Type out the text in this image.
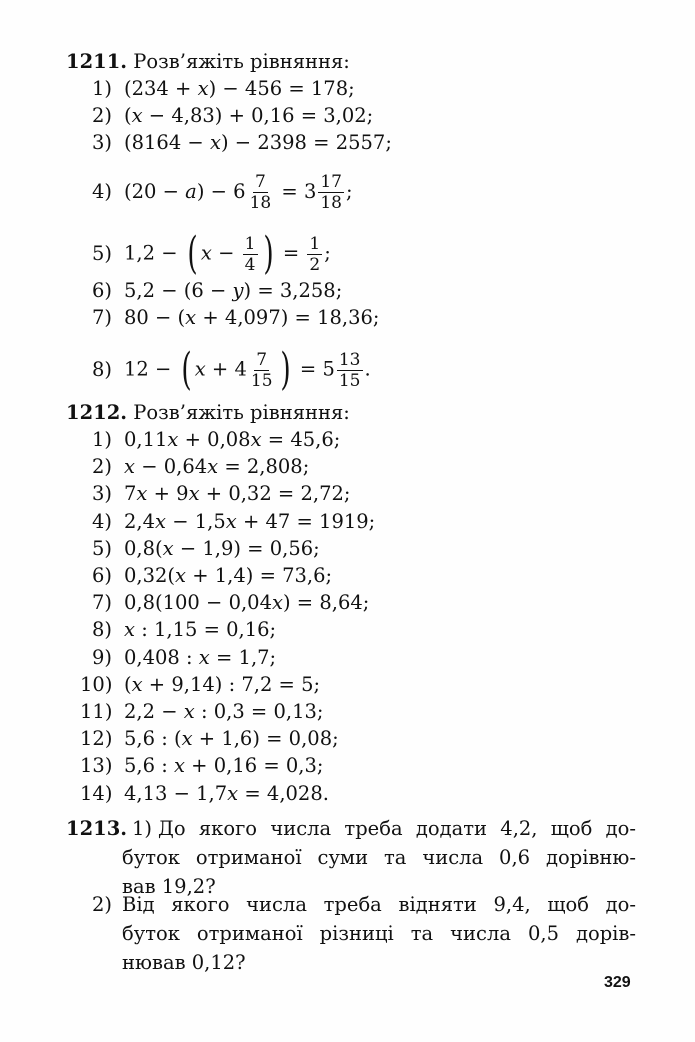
1211. Розв’яжіть рівняння:
1) (234 + x) − 456 = 178;
2) (x − 4,83) + 0,16 = 3,02;
3) (8164 − x) − 2398 = 2557;
4) $(20 - a) - 6 \frac{7}{18} = 3 \frac{17}{18}$ ;
5) 1,2 − ( $x - \frac{1}{4}$ ) = $\frac{1}{2}$ ;
6) 5,2 − (6 − y) = 3,258;
7) 80 − (x + 4,097) = 18,36;
8) 12 − ( $x + 4 \frac{7}{15}$ ) = $5 \frac{13}{15}$ .
1212. Розв’яжіть рівняння:
1) 0,11x + 0,08x = 45,6;
2) x − 0,64x = 2,808;
3) 7x + 9x + 0,32 = 2,72;
4) 2,4x − 1,5x + 47 = 1919;
5) 0,8(x − 1,9) = 0,56;
6) 0,32(x + 1,4) = 73,6;
7) 0,8(100 − 0,04x) = 8,64;
8) x : 1,15 = 0,16;
9) 0,408 : x = 1,7;
10) (x + 9,14) : 7,2 = 5;
11) 2,2 − x : 0,3 = 0,13;
12) 5,6 : (x + 1,6) = 0,08;
13) 5,6 : x + 0,16 = 0,3;
14) 4,13 − 1,7x = 4,028.
1213. 1) До якого числа треба додати 4,2, щоб до-
буток отриманої суми та числа 0,6 дорівню-
вав 19,2?
2) Від якого числа треба відняти 9,4, щоб до-
буток отриманої різниці та числа 0,5 дорів-
нював 0,12?
329
